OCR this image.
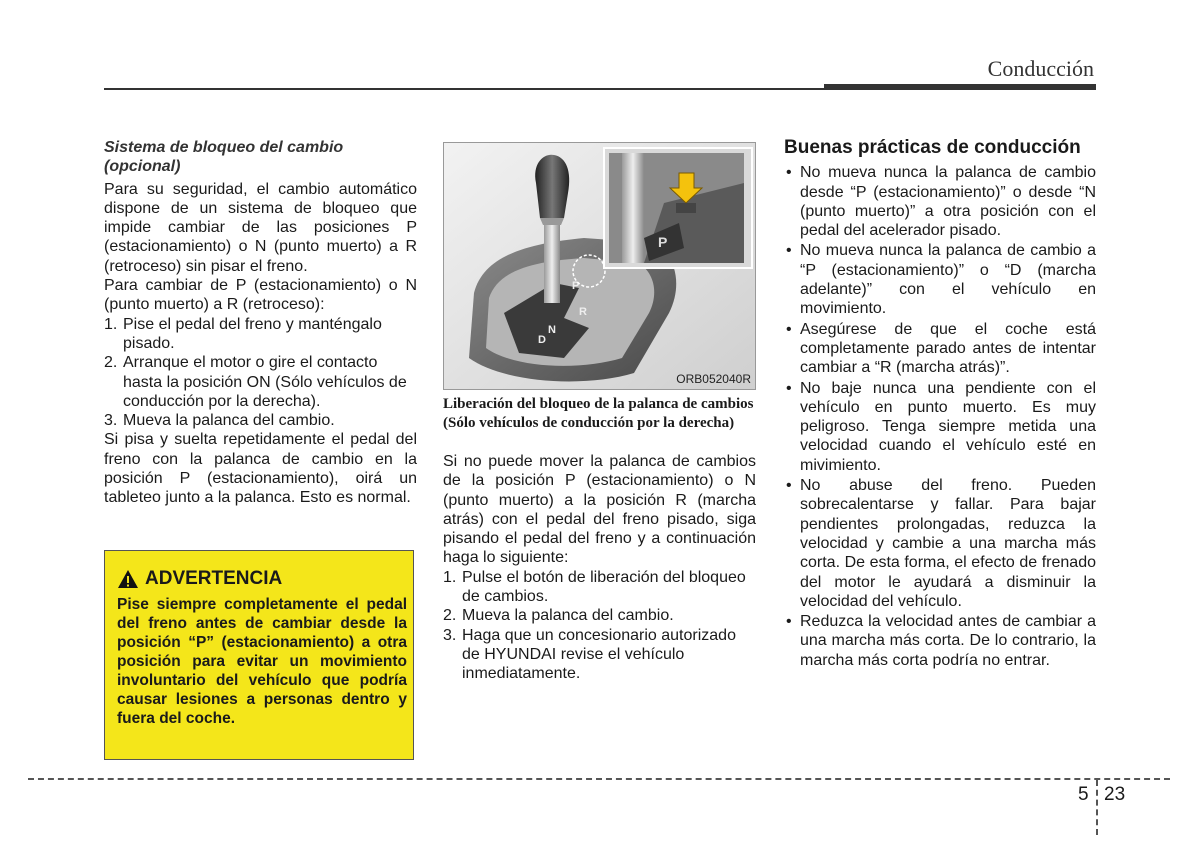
Conducción

Sistema de bloqueo del cambio (opcional)

Para su seguridad, el cambio automático dispone de un sistema de bloqueo que impide cambiar de las posiciones P (estacionamiento) o N (punto muerto) a R (retroceso) sin pisar el freno.

Para cambiar de P (estacionamiento) o N (punto muerto) a R (retroceso):

1. Pise el pedal del freno y manténgalo pisado.
2. Arranque el motor o gire el contacto hasta la posición ON (Sólo vehículos de conducción por la derecha).
3. Mueva la palanca del cambio.

Si pisa y suelta repetidamente el pedal del freno con la palanca de cambio en la posición P (estacionamiento), oirá un tableteo junto a la palanca. Esto es normal.

ADVERTENCIA
Pise siempre completamente el pedal del freno antes de cambiar desde la posición “P” (estacionamiento) a otra posición para evitar un movimiento involuntario del vehículo que podría causar lesiones a personas dentro y fuera del coche.
P
R
N
D
P
ORB052040R
Liberación del bloqueo de la palanca de cambios (Sólo vehículos de conducción por la derecha)

Si no puede mover la palanca de cambios de la posición P (estacionamiento) o N (punto muerto) a la posición R (marcha atrás) con el pedal del freno pisado, siga pisando el pedal del freno y a continuación haga lo siguiente:

1. Pulse el botón de liberación del bloqueo de cambios.
2. Mueva la palanca del cambio.
3. Haga que un concesionario autorizado de HYUNDAI revise el vehículo inmediatamente.
Buenas prácticas de conducción
• No mueva nunca la palanca de cambio desde “P (estacionamiento)” o desde “N (punto muerto)” a otra posición con el pedal del acelerador pisado.
• No mueva nunca la palanca de cambio a “P (estacionamiento)” o “D (marcha adelante)” con el vehículo en movimiento.
• Asegúrese de que el coche está completamente parado antes de intentar cambiar a “R (marcha atrás)”.
• No baje nunca una pendiente con el vehículo en punto muerto. Es muy peligroso. Tenga siempre metida una velocidad cuando el vehículo esté en mivimiento.
• No abuse del freno. Pueden sobrecalentarse y fallar. Para bajar pendientes prolongadas, reduzca la velocidad y cambie a una marcha más corta. De esta forma, el efecto de frenado del motor le ayudará a disminuir la velocidad del vehículo.
• Reduzca la velocidad antes de cambiar a una marcha más corta. De lo contrario, la marcha más corta podría no entrar.
5 23
